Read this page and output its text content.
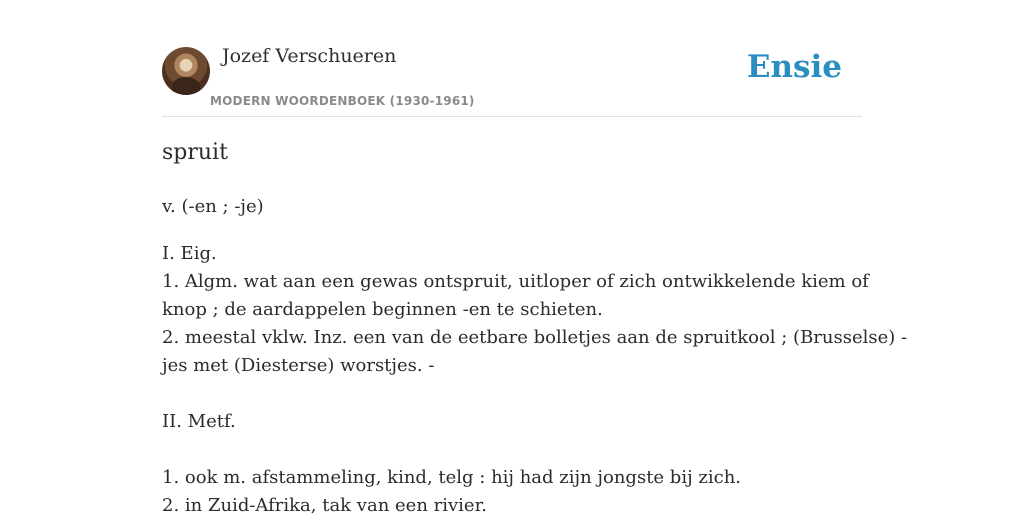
Jozef Verschueren
MODERN WOORDENBOEK (1930-1961)
Ensie
spruit
v. (-en ; -je)
I. Eig.
1. Algm. wat aan een gewas ontspruit, uitloper of zich ontwikkelende kiem of
knop ; de aardappelen beginnen -en te schieten.
2. meestal vklw. Inz. een van de eetbare bolletjes aan de spruitkool ; (Brusselse) -
jes met (Diesterse) worstjes. -
II. Metf.
1. ook m. afstammeling, kind, telg : hij had zijn jongste bij zich.
2. in Zuid-Afrika, tak van een rivier.
